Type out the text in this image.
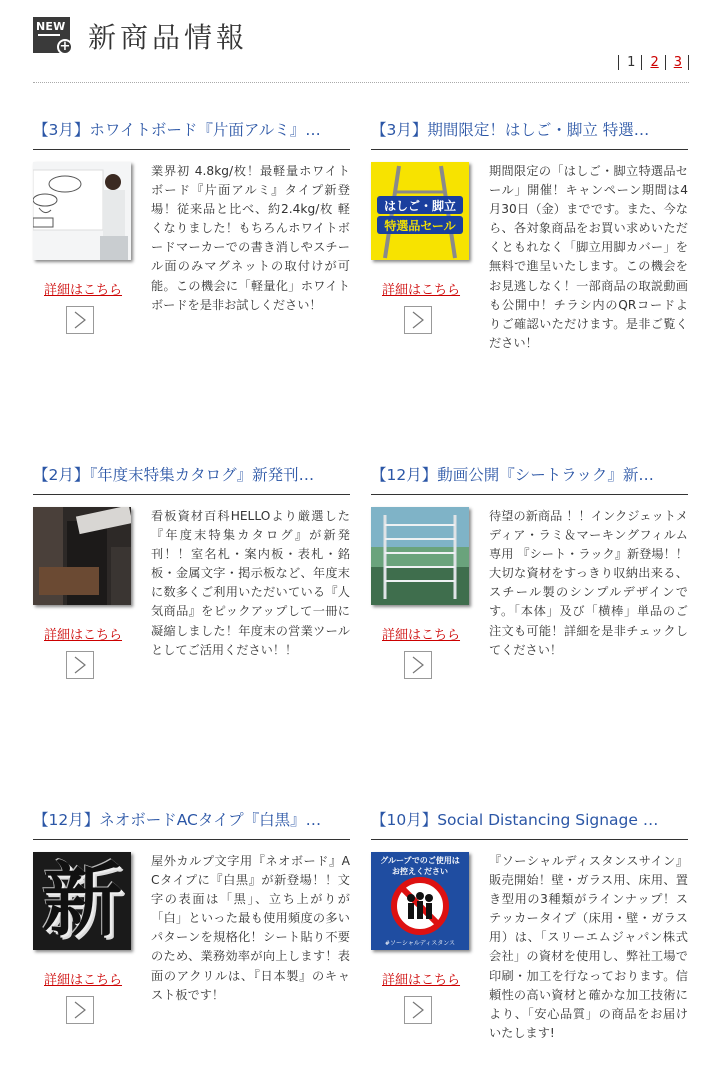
NEW
+ 新商品情報
1	2	3
【3月】ホワイトボード『片面アルミ』…
詳細はこちら
業界初 4.8kg/枚！最軽量ホワイトボード『片面アルミ』タイプ新登場！従来品と比べ、約2.4kg/枚 軽くなりました！もちろんホワイトボードマーカーでの書き消しやスチール面のみマグネットの取付けが可能。この機会に「軽量化」ホワイトボードを是非お試しください！
【3月】期間限定！はしご・脚立 特選…
はしご・脚立
特選品セール
詳細はこちら
期間限定の「はしご・脚立特選品セール」開催！キャンペーン期間は4月30日（金）までです。また、今なら、各対象商品をお買い求めいただくともれなく「脚立用脚カバー」を無料で進呈いたします。この機会をお見逃しなく！一部商品の取説動画も公開中！チラシ内のQRコードよりご確認いただけます。是非ご覧ください！
【2月】『年度末特集カタログ』新発刊…
詳細はこちら
看板資材百科HELLOより厳選した『年度末特集カタログ』が新発刊！！室名札・案内板・表札・銘板・金属文字・掲示板など、年度末に数多くご利用いただいている『人気商品』をピックアップして一冊に凝縮しました！年度末の営業ツールとしてご活用ください！！
【12月】動画公開『シートラック』新…
詳細はこちら
待望の新商品 ！！インクジェットメディア・ラミ＆マーキングフィルム専用 『シート・ラック』新登場！！大切な資材をすっきり収納出来る、スチール製のシンプルデザインです。「本体」及び「横棒」単品のご注文も可能！詳細を是非チェックしてください！
【12月】ネオボードACタイプ『白黒』…
新
詳細はこちら
屋外カルプ文字用『ネオボード』ACタイプに『白黒』が新登場！！文字の表面は「黒」、立ち上がりが「白」といった最も使用頻度の多いパターンを規格化！シート貼り不要のため、業務効率が向上します！表面のアクリルは、『日本製』のキャスト板です！
【10月】Social Distancing Signage …
グループでのご使用は
お控えください
#ソーシャルディスタンス
詳細はこちら
『ソーシャルディスタンスサイン』販売開始！壁・ガラス用、床用、置き型用の3種類がラインナップ！ステッカータイプ（床用・壁・ガラス用）は、「スリーエムジャパン株式会社」の資材を使用し、弊社工場で印刷・加工を行なっております。信頼性の高い資材と確かな加工技術により、「安心品質」の商品をお届けいたします!
